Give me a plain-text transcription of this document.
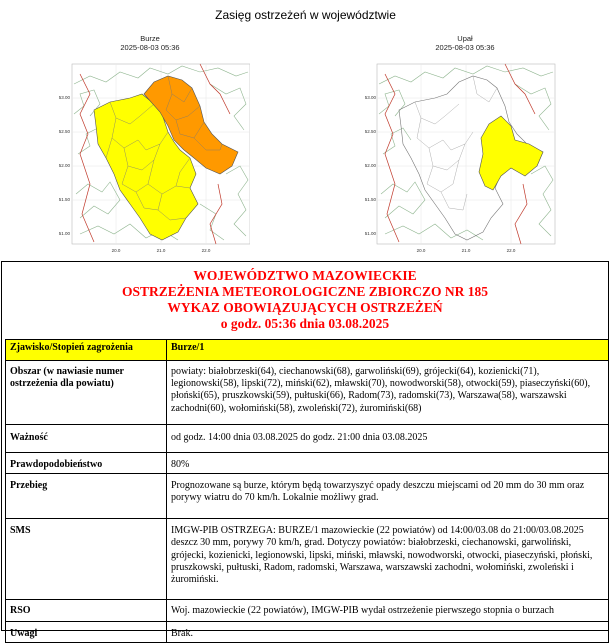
Zasięg ostrzeżeń w województwie
Burze
2025-08-03 05:36
53.00
52.50
52.00
51.50
51.00
20.0	21.0	22.0
Upał
2025-08-03 05:36
53.00
52.50
52.00
51.50
51.00
20.0	21.0	22.0
WOJEWÓDZTWO MAZOWIECKIE
OSTRZEŻENIA METEOROLOGICZNE ZBIORCZO NR 185
WYKAZ OBOWIĄZUJĄCYCH OSTRZEŻEŃ
o godz. 05:36 dnia 03.08.2025
Zjawisko/Stopień zagrożenia	Burze/1
Obszar (w nawiasie numer ostrzeżenia dla powiatu)	powiaty: białobrzeski(64), ciechanowski(68), garwoliński(69), grójecki(64), kozienicki(71), legionowski(58), lipski(72), miński(62), mławski(70), nowodworski(58), otwocki(59), piaseczyński(60), płoński(65), pruszkowski(59), pułtuski(66), Radom(73), radomski(73), Warszawa(58), warszawski zachodni(60), wołomiński(58), zwoleński(72), żuromiński(68)
Ważność	od godz. 14:00 dnia 03.08.2025 do godz. 21:00 dnia 03.08.2025
Prawdopodobieństwo	80%
Przebieg	Prognozowane są burze, którym będą towarzyszyć opady deszczu miejscami od 20 mm do 30 mm oraz porywy wiatru do 70 km/h. Lokalnie możliwy grad.
SMS	IMGW-PIB OSTRZEGA: BURZE/1 mazowieckie (22 powiatów) od 14:00/03.08 do 21:00/03.08.2025 deszcz 30 mm, porywy 70 km/h, grad. Dotyczy powiatów: białobrzeski, ciechanowski, garwoliński, grójecki, kozienicki, legionowski, lipski, miński, mławski, nowodworski, otwocki, piaseczyński, płoński, pruszkowski, pułtuski, Radom, radomski, Warszawa, warszawski zachodni, wołomiński, zwoleński i żuromiński.
RSO	Woj. mazowieckie (22 powiatów), IMGW-PIB wydał ostrzeżenie pierwszego stopnia o burzach
Uwagi	Brak.
